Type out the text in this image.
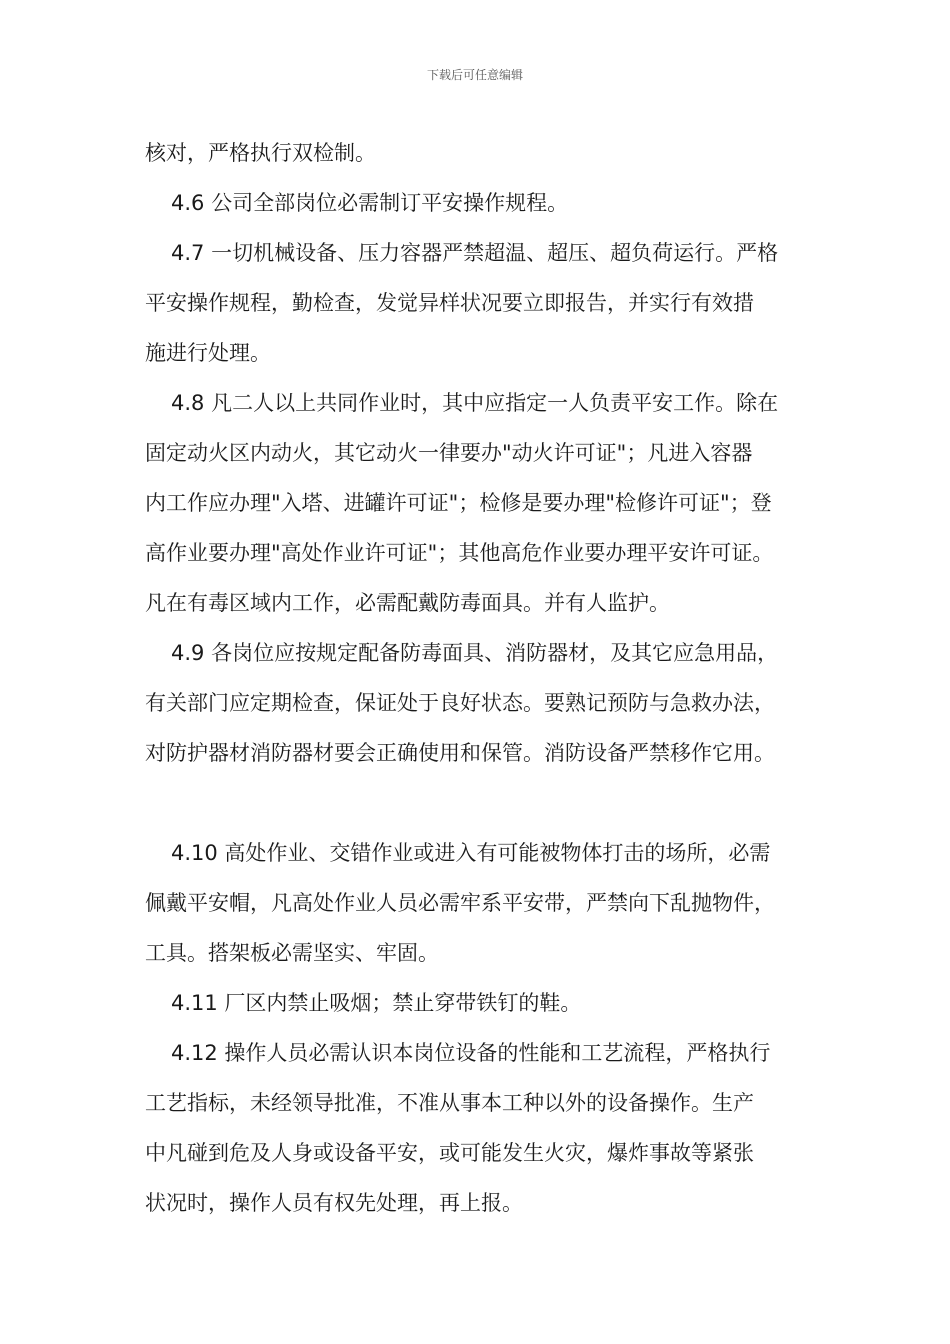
下载后可任意编辑
核对，严格执行双检制。
4.6 公司全部岗位必需制订平安操作规程。
4.7 一切机械设备、压力容器严禁超温、超压、超负荷运行。严格
平安操作规程，勤检查，发觉异样状况要立即报告，并实行有效措
施进行处理。
4.8 凡二人以上共同作业时，其中应指定一人负责平安工作。除在
固定动火区内动火，其它动火一律要办"动火许可证"；凡进入容器
内工作应办理"入塔、进罐许可证"；检修是要办理"检修许可证"；登
高作业要办理"高处作业许可证"；其他高危作业要办理平安许可证。
凡在有毒区域内工作，必需配戴防毒面具。并有人监护。
4.9 各岗位应按规定配备防毒面具、消防器材，及其它应急用品，
有关部门应定期检查，保证处于良好状态。要熟记预防与急救办法，
对防护器材消防器材要会正确使用和保管。消防设备严禁移作它用。
4.10 高处作业、交错作业或进入有可能被物体打击的场所，必需
佩戴平安帽，凡高处作业人员必需牢系平安带，严禁向下乱抛物件，
工具。搭架板必需坚实、牢固。
4.11 厂区内禁止吸烟；禁止穿带铁钉的鞋。
4.12 操作人员必需认识本岗位设备的性能和工艺流程，严格执行
工艺指标，未经领导批准，不准从事本工种以外的设备操作。生产
中凡碰到危及人身或设备平安，或可能发生火灾，爆炸事故等紧张
状况时，操作人员有权先处理，再上报。
